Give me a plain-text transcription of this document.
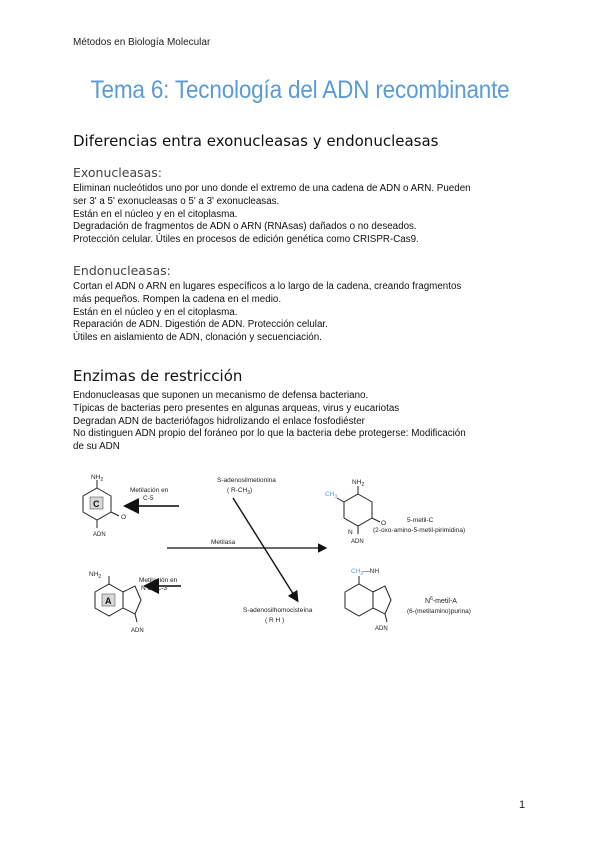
Métodos en Biología Molecular
Tema 6: Tecnología del ADN recombinante
Diferencias entra exonucleasas y endonucleasas
Exonucleasas:

Eliminan nucleótidos uno por uno donde el extremo de una cadena de ADN o ARN. Pueden

ser 3' a 5' exonucleasas o 5' a 3' exonucleasas.

Están en el núcleo y en el citoplasma.

Degradación de fragmentos de ADN o ARN (RNAsas) dañados o no deseados.

Protección celular. Útiles en procesos de edición genética como CRISPR-Cas9.

Endonucleasas:

Cortan el ADN o ARN en lugares específicos a lo largo de la cadena, creando fragmentos

más pequeños. Rompen la cadena en el medio.

Están en el núcleo y en el citoplasma.

Reparación de ADN. Digestión de ADN. Protección celular.

Útiles en aislamiento de ADN, clonación y secuenciación.

Enzimas de restricción

Endonucleasas que suponen un mecanismo de defensa bacteriano.

Típicas de bacterias pero presentes en algunas arqueas, virus y eucariotas

Degradan ADN de bacteriófagos hidrolizando el enlace fosfodiéster

No distinguen ADN propio del foráneo por lo que la bacteria debe protegerse: Modificación

de su ADN

$NH_2$
C
O
ADN
Metilación en
C-5
$NH_2$
A
ADN
Metilación en
N de C-3
S-adenosilmetionina
( $R-CH_3$)
Metilasa
S-adenosilhomocisteína
( R H )
$CH_3$
$NH_2$
O
N
ADN
5-metil-C
(2-oxo-amino-5-metil-pirimidina)
$CH_3—NH$
ADN
$N^6-metil-A$
(6-(metilamino)purina)
1
